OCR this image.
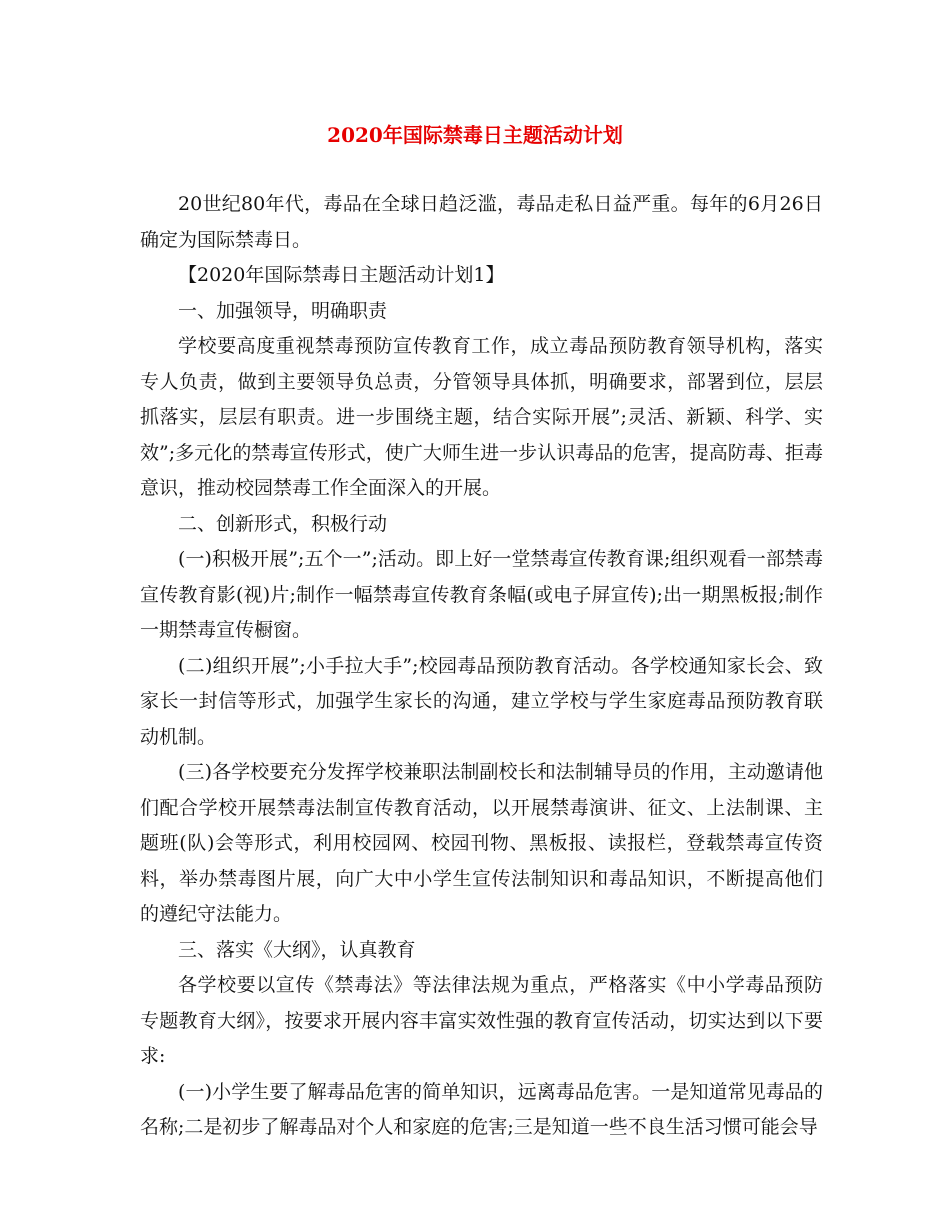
2020年国际禁毒日主题活动计划

20世纪80年代，毒品在全球日趋泛滥，毒品走私日益严重。每年的6月26日确定为国际禁毒日。

【2020年国际禁毒日主题活动计划1】

一、加强领导，明确职责

学校要高度重视禁毒预防宣传教育工作，成立毒品预防教育领导机构，落实专人负责，做到主要领导负总责，分管领导具体抓，明确要求，部署到位，层层抓落实，层层有职责。进一步围绕主题，结合实际开展”;灵活、新颖、科学、实效”;多元化的禁毒宣传形式，使广大师生进一步认识毒品的危害，提高防毒、拒毒意识，推动校园禁毒工作全面深入的开展。

二、创新形式，积极行动

(一)积极开展”;五个一”;活动。即上好一堂禁毒宣传教育课;组织观看一部禁毒宣传教育影(视)片;制作一幅禁毒宣传教育条幅(或电子屏宣传);出一期黑板报;制作一期禁毒宣传橱窗。

(二)组织开展”;小手拉大手”;校园毒品预防教育活动。各学校通知家长会、致家长一封信等形式，加强学生家长的沟通，建立学校与学生家庭毒品预防教育联动机制。

(三)各学校要充分发挥学校兼职法制副校长和法制辅导员的作用，主动邀请他们配合学校开展禁毒法制宣传教育活动，以开展禁毒演讲、征文、上法制课、主题班(队)会等形式，利用校园网、校园刊物、黑板报、读报栏，登载禁毒宣传资料，举办禁毒图片展，向广大中小学生宣传法制知识和毒品知识，不断提高他们的遵纪守法能力。

三、落实《大纲》，认真教育

各学校要以宣传《禁毒法》等法律法规为重点，严格落实《中小学毒品预防专题教育大纲》，按要求开展内容丰富实效性强的教育宣传活动，切实达到以下要求:

(一)小学生要了解毒品危害的简单知识，远离毒品危害。一是知道常见毒品的名称;二是初步了解毒品对个人和家庭的危害;三是知道一些不良生活习惯可能会导
